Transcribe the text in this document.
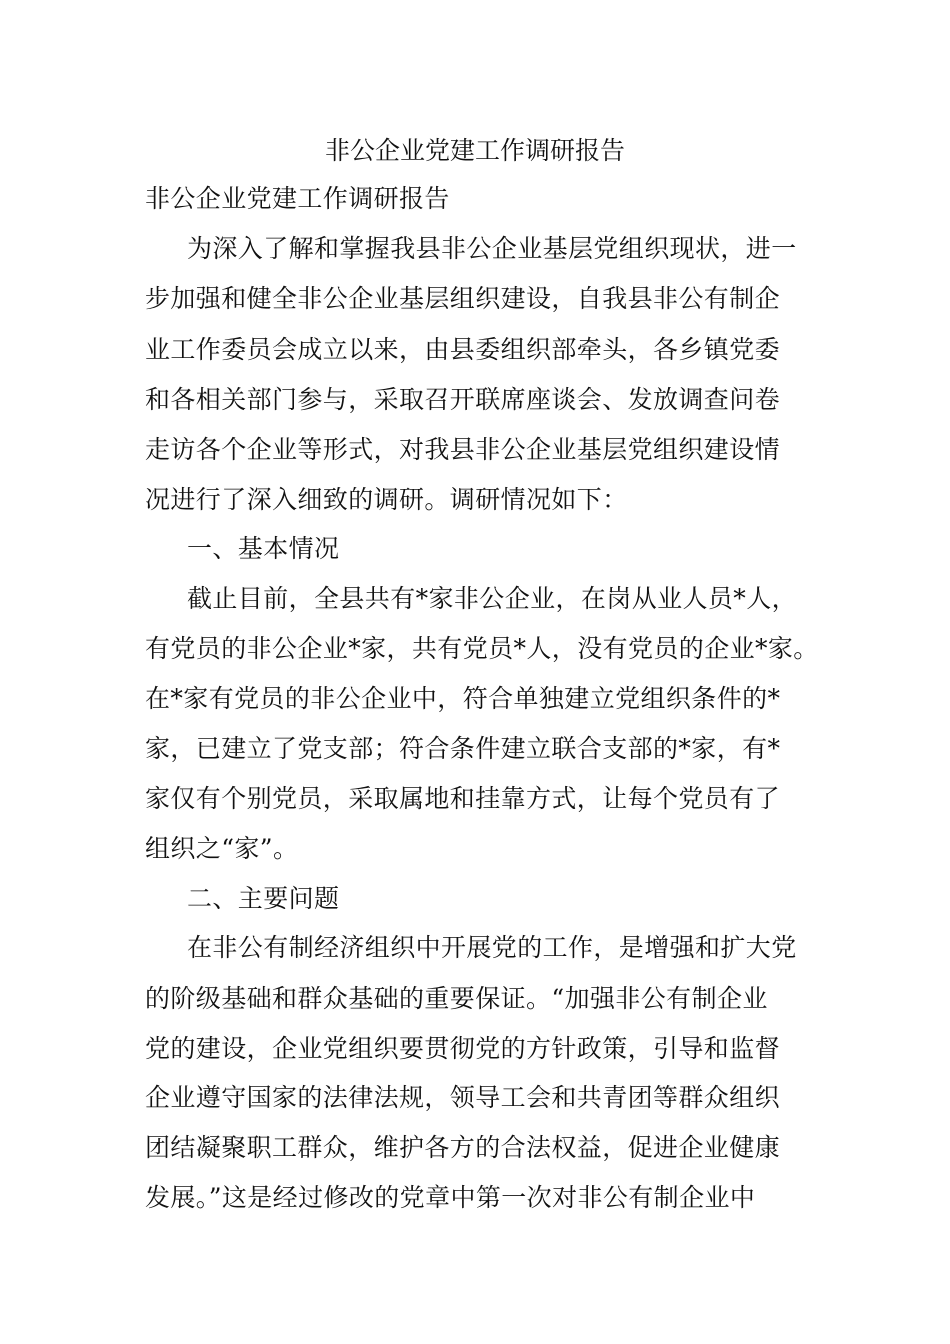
非公企业党建工作调研报告
非公企业党建工作调研报告
为深入了解和掌握我县非公企业基层党组织现状，进一
步加强和健全非公企业基层组织建设，自我县非公有制企
业工作委员会成立以来，由县委组织部牵头，各乡镇党委
和各相关部门参与，采取召开联席座谈会、发放调查问卷
走访各个企业等形式，对我县非公企业基层党组织建设情
况进行了深入细致的调研。调研情况如下：
一、基本情况
截止目前，全县共有*家非公企业，在岗从业人员*人，
有党员的非公企业*家，共有党员*人，没有党员的企业*家。
在*家有党员的非公企业中，符合单独建立党组织条件的*
家，已建立了党支部；符合条件建立联合支部的*家，有*
家仅有个别党员，采取属地和挂靠方式，让每个党员有了
组织之“家”。
二、主要问题
在非公有制经济组织中开展党的工作，是增强和扩大党
的阶级基础和群众基础的重要保证。“加强非公有制企业
党的建设，企业党组织要贯彻党的方针政策，引导和监督
企业遵守国家的法律法规，领导工会和共青团等群众组织
团结凝聚职工群众，维护各方的合法权益，促进企业健康
发展。”这是经过修改的党章中第一次对非公有制企业中
